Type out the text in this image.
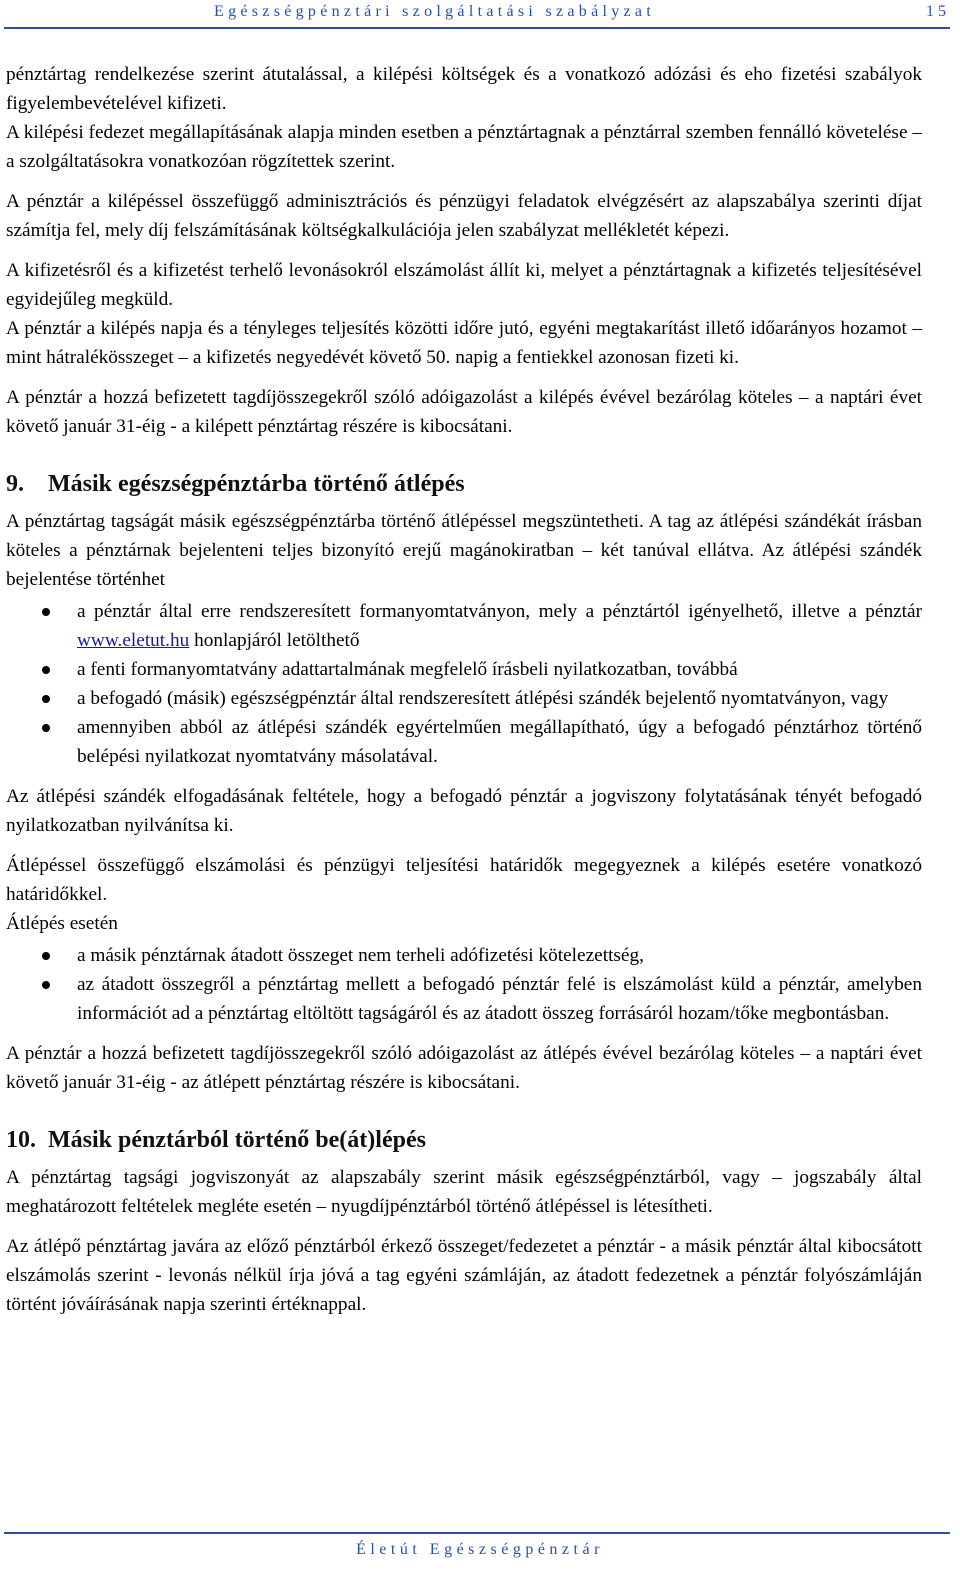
Egészségpénztári szolgáltatási szabályzat	15

pénztártag rendelkezése szerint átutalással, a kilépési költségek és a vonatkozó adózási és eho fizetési szabályok figyelembevételével kifizeti.

A kilépési fedezet megállapításának alapja minden esetben a pénztártagnak a pénztárral szemben fennálló követelése – a szolgáltatásokra vonatkozóan rögzítettek szerint.

A pénztár a kilépéssel összefüggő adminisztrációs és pénzügyi feladatok elvégzésért az alapszabálya szerinti díjat számítja fel, mely díj felszámításának költségkalkulációja jelen szabályzat mellékletét képezi.

A kifizetésről és a kifizetést terhelő levonásokról elszámolást állít ki, melyet a pénztártagnak a kifizetés teljesítésével egyidejűleg megküld.

A pénztár a kilépés napja és a tényleges teljesítés közötti időre jutó, egyéni megtakarítást illető időarányos hozamot – mint hátralékösszeget – a kifizetés negyedévét követő 50. napig a fentiekkel azonosan fizeti ki.

A pénztár a hozzá befizetett tagdíjösszegekről szóló adóigazolást a kilépés évével bezárólag köteles – a naptári évet követő január 31-éig - a kilépett pénztártag részére is kibocsátani.

9. Másik egészségpénztárba történő átlépés

A pénztártag tagságát másik egészségpénztárba történő átlépéssel megszüntetheti. A tag az átlépési szándékát írásban köteles a pénztárnak bejelenteni teljes bizonyító erejű magánokiratban – két tanúval ellátva. Az átlépési szándék bejelentése történhet

a pénztár által erre rendszeresített formanyomtatványon, mely a pénztártól igényelhető, illetve a pénztár www.eletut.hu honlapjáról letölthető
a fenti formanyomtatvány adattartalmának megfelelő írásbeli nyilatkozatban, továbbá
a befogadó (másik) egészségpénztár által rendszeresített átlépési szándék bejelentő nyomtatványon, vagy
amennyiben abból az átlépési szándék egyértelműen megállapítható, úgy a befogadó pénztárhoz történő belépési nyilatkozat nyomtatvány másolatával.

Az átlépési szándék elfogadásának feltétele, hogy a befogadó pénztár a jogviszony folytatásának tényét befogadó nyilatkozatban nyilvánítsa ki.

Átlépéssel összefüggő elszámolási és pénzügyi teljesítési határidők megegyeznek a kilépés esetére vonatkozó határidőkkel.

Átlépés esetén

a másik pénztárnak átadott összeget nem terheli adófizetési kötelezettség,
az átadott összegről a pénztártag mellett a befogadó pénztár felé is elszámolást küld a pénztár, amelyben információt ad a pénztártag eltöltött tagságáról és az átadott összeg forrásáról hozam/tőke megbontásban.

A pénztár a hozzá befizetett tagdíjösszegekről szóló adóigazolást az átlépés évével bezárólag köteles – a naptári évet követő január 31-éig - az átlépett pénztártag részére is kibocsátani.

10. Másik pénztárból történő be(át)lépés

A pénztártag tagsági jogviszonyát az alapszabály szerint másik egészségpénztárból, vagy – jogszabály által meghatározott feltételek megléte esetén – nyugdíjpénztárból történő átlépéssel is létesítheti.

Az átlépő pénztártag javára az előző pénztárból érkező összeget/fedezetet a pénztár - a másik pénztár által kibocsátott elszámolás szerint - levonás nélkül írja jóvá a tag egyéni számláján, az átadott fedezetnek a pénztár folyószámláján történt jóváírásának napja szerinti értéknappal.

Életút Egészségpénztár
